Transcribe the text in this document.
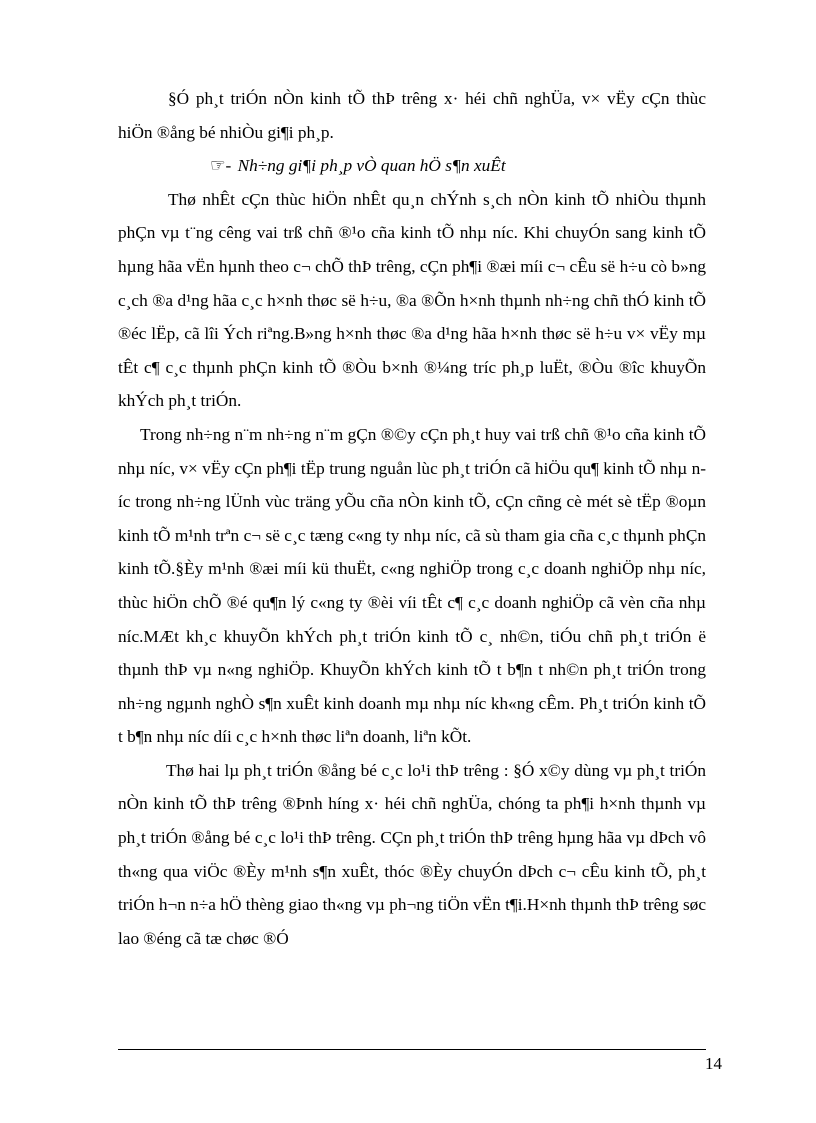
§Ó ph¸t triÓn nÒn kinh tÕ thÞ trêng x· héi chñ nghÜa, v× vËy cÇn thùc hiÖn ®ång bé nhiÒu gi¶i ph¸p.

☞- Nh÷ng gi¶i ph¸p vÒ quan hÖ s¶n xuÊt

Thø nhÊt cÇn thùc hiÖn nhÊt qu¸n chÝnh s¸ch nÒn kinh tÕ nhiÒu thµnh phÇn vµ t¨ng cêng vai trß chñ ®¹o cña kinh tÕ nhµ níc. Khi chuyÓn sang kinh tÕ hµng hãa vËn hµnh theo c¬ chÕ thÞ trêng, cÇn ph¶i ®æi míi c¬ cÊu së h÷u cò b»ng c¸ch ®a d¹ng hãa c¸c h×nh thøc së h÷u, ®a ®Õn h×nh thµnh nh÷ng chñ thÓ kinh tÕ ®éc lËp, cã lîi Ých riªng.B»ng h×nh thøc ®a d¹ng hãa h×nh thøc së h÷u v× vËy mµ tÊt c¶ c¸c thµnh phÇn kinh tÕ ®Òu b×nh ®¼ng tríc ph¸p luËt, ®Òu ®îc khuyÕn khÝch ph¸t triÓn.

Trong nh÷ng n¨m nh÷ng n¨m gÇn ®©y cÇn ph¸t huy vai trß chñ ®¹o cña kinh tÕ nhµ níc, v× vËy cÇn ph¶i tËp trung nguån lùc ph¸t triÓn cã hiÖu qu¶ kinh tÕ nhµ níc trong nh÷ng lÜnh vùc träng yÕu cña nÒn kinh tÕ, cÇn cñng cè mét sè tËp ®oµn kinh tÕ m¹nh trªn c¬ së c¸c tæng c«ng ty nhµ níc, cã sù tham gia cña c¸c thµnh phÇn kinh tÕ.§Èy m¹nh ®æi míi kü thuËt, c«ng nghiÖp trong c¸c doanh nghiÖp nhµ níc, thùc hiÖn chÕ ®é qu¶n lý c«ng ty ®èi víi tÊt c¶ c¸c doanh nghiÖp cã vèn cña nhµ níc.MÆt kh¸c khuyÕn khÝch ph¸t triÓn kinh tÕ c¸ nh©n, tiÓu chñ ph¸t triÓn ë thµnh thÞ vµ n«ng nghiÖp. KhuyÕn khÝch kinh tÕ t b¶n t nh©n ph¸t triÓn trong nh÷ng ngµnh nghÒ s¶n xuÊt kinh doanh mµ nhµ níc kh«ng cÊm. Ph¸t triÓn kinh tÕ t b¶n nhµ níc díi c¸c h×nh thøc liªn doanh, liªn kÕt.

Thø hai lµ ph¸t triÓn ®ång bé c¸c lo¹i thÞ trêng : §Ó x©y dùng vµ ph¸t triÓn nÒn kinh tÕ thÞ trêng ®Þnh híng x· héi chñ nghÜa, chóng ta ph¶i h×nh thµnh vµ ph¸t triÓn ®ång bé c¸c lo¹i thÞ trêng. CÇn ph¸t triÓn thÞ trêng hµng hãa vµ dÞch vô th«ng qua viÖc ®Èy m¹nh s¶n xuÊt, thóc ®Èy chuyÓn dÞch c¬ cÊu kinh tÕ, ph¸t triÓn h¬n n÷a hÖ thèng giao th«ng vµ ph¬ng tiÖn vËn t¶i.H×nh thµnh thÞ trêng søc lao ®éng cã tæ chøc ®Ó

14
